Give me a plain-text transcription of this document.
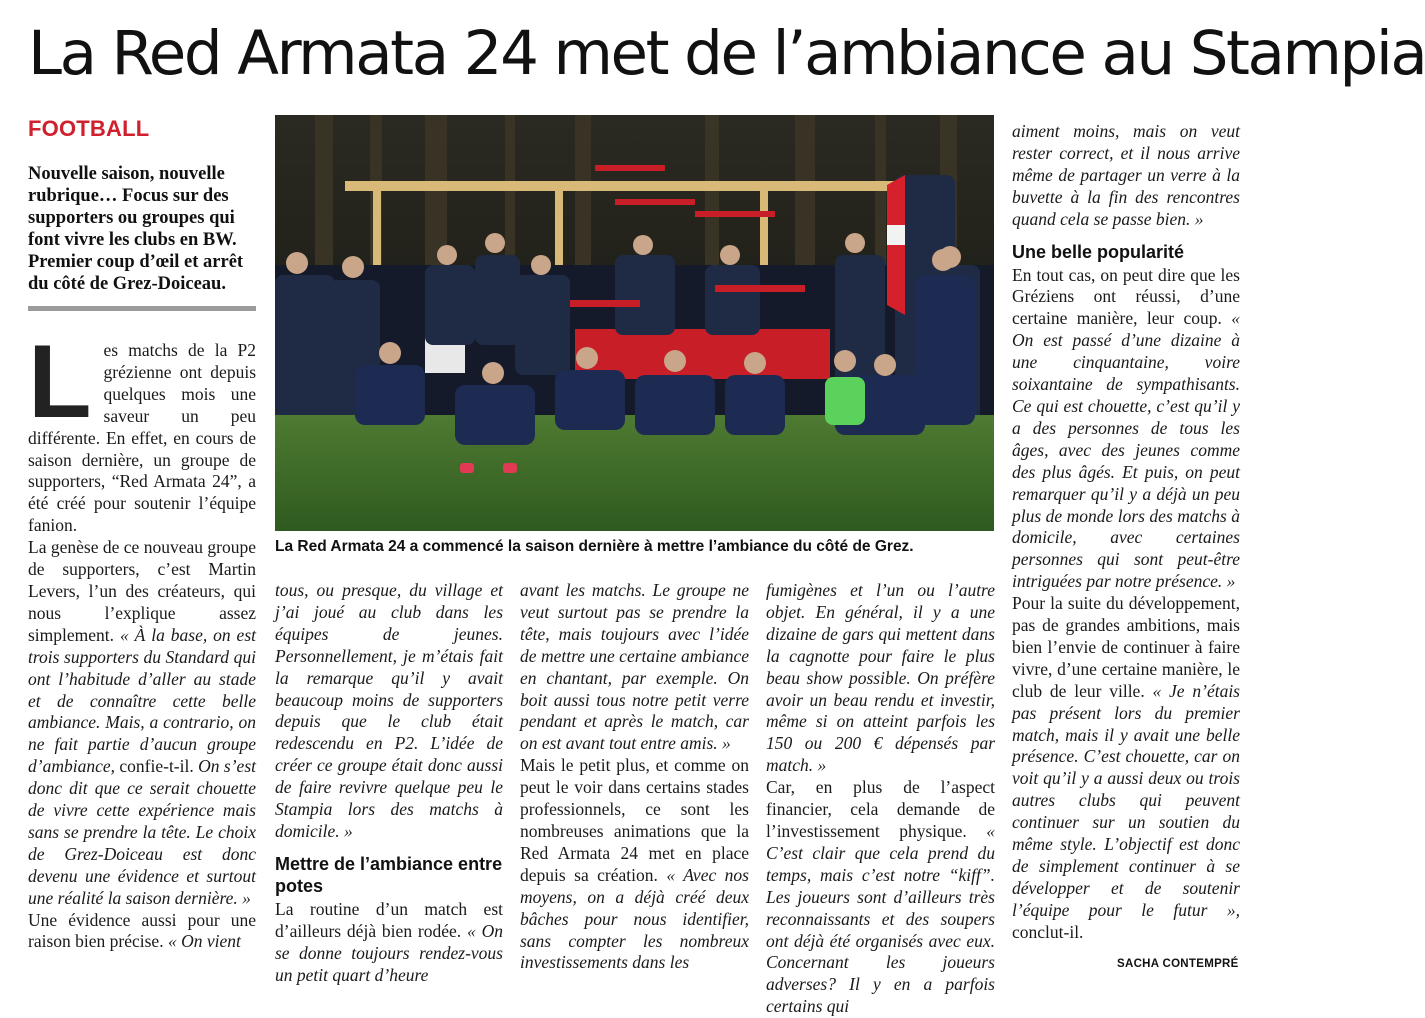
La Red Armata 24 met de l’ambiance au Stampia
FOOTBALL
Nouvelle saison, nouvelle rubrique… Focus sur des supporters ou groupes qui font vivre les clubs en BW. Premier coup d’œil et arrêt du côté de Grez-Doiceau.

Les matchs de la P2 grézienne ont depuis quelques mois une saveur un peu différente. En effet, en cours de saison dernière, un groupe de supporters, “Red Armata 24”, a été créé pour soutenir l’équipe fanion.

La genèse de ce nouveau groupe de supporters, c’est Martin Levers, l’un des créateurs, qui nous l’explique assez simplement. « À la base, on est trois supporters du Standard qui ont l’habitude d’aller au stade et de connaître cette belle ambiance. Mais, a contrario, on ne fait partie d’aucun groupe d’ambiance, confie-t-il. On s’est donc dit que ce serait chouette de vivre cette expérience mais sans se prendre la tête. Le choix de Grez-Doiceau est donc devenu une évidence et surtout une réalité la saison dernière. »

Une évidence aussi pour une raison bien précise. « On vient

La Red Armata 24 a commencé la saison dernière à mettre l’ambiance du côté de Grez.

tous, ou presque, du village et j’ai joué au club dans les équipes de jeunes. Personnellement, je m’étais fait la remarque qu’il y avait beaucoup moins de supporters depuis que le club était redescendu en P2. L’idée de créer ce groupe était donc aussi de faire revivre quelque peu le Stampia lors des matchs à domicile. »

Mettre de l’ambiance entre potes

La routine d’un match est d’ailleurs déjà bien rodée. « On se donne toujours rendez-vous un petit quart d’heure

avant les matchs. Le groupe ne veut surtout pas se prendre la tête, mais toujours avec l’idée de mettre une certaine ambiance en chantant, par exemple. On boit aussi tous notre petit verre pendant et après le match, car on est avant tout entre amis. »

Mais le petit plus, et comme on peut le voir dans certains stades professionnels, ce sont les nombreuses animations que la Red Armata 24 met en place depuis sa création. « Avec nos moyens, on a déjà créé deux bâches pour nous identifier, sans compter les nombreux investissements dans les

fumigènes et l’un ou l’autre objet. En général, il y a une dizaine de gars qui mettent dans la cagnotte pour faire le plus beau show possible. On préfère avoir un beau rendu et investir, même si on atteint parfois les 150 ou 200 € dépensés par match. »

Car, en plus de l’aspect financier, cela demande de l’investissement physique. « C’est clair que cela prend du temps, mais c’est notre “kiff”. Les joueurs sont d’ailleurs très reconnaissants et des soupers ont déjà été organisés avec eux. Concernant les joueurs adverses? Il y en a parfois certains qui

aiment moins, mais on veut rester correct, et il nous arrive même de partager un verre à la buvette à la fin des rencontres quand cela se passe bien. »

Une belle popularité

En tout cas, on peut dire que les Gréziens ont réussi, d’une certaine manière, leur coup. « On est passé d’une dizaine à une cinquantaine, voire soixantaine de sympathisants. Ce qui est chouette, c’est qu’il y a des personnes de tous les âges, avec des jeunes comme des plus âgés. Et puis, on peut remarquer qu’il y a déjà un peu plus de monde lors des matchs à domicile, avec certaines personnes qui sont peut-être intriguées par notre présence. »

Pour la suite du développement, pas de grandes ambitions, mais bien l’envie de continuer à faire vivre, d’une certaine manière, le club de leur ville. « Je n’étais pas présent lors du premier match, mais il y avait une belle présence. C’est chouette, car on voit qu’il y a aussi deux ou trois autres clubs qui peuvent continuer sur un soutien du même style. L’objectif est donc de simplement continuer à se développer et de soutenir l’équipe pour le futur », conclut-il.

SACHA CONTEMPRÉ
